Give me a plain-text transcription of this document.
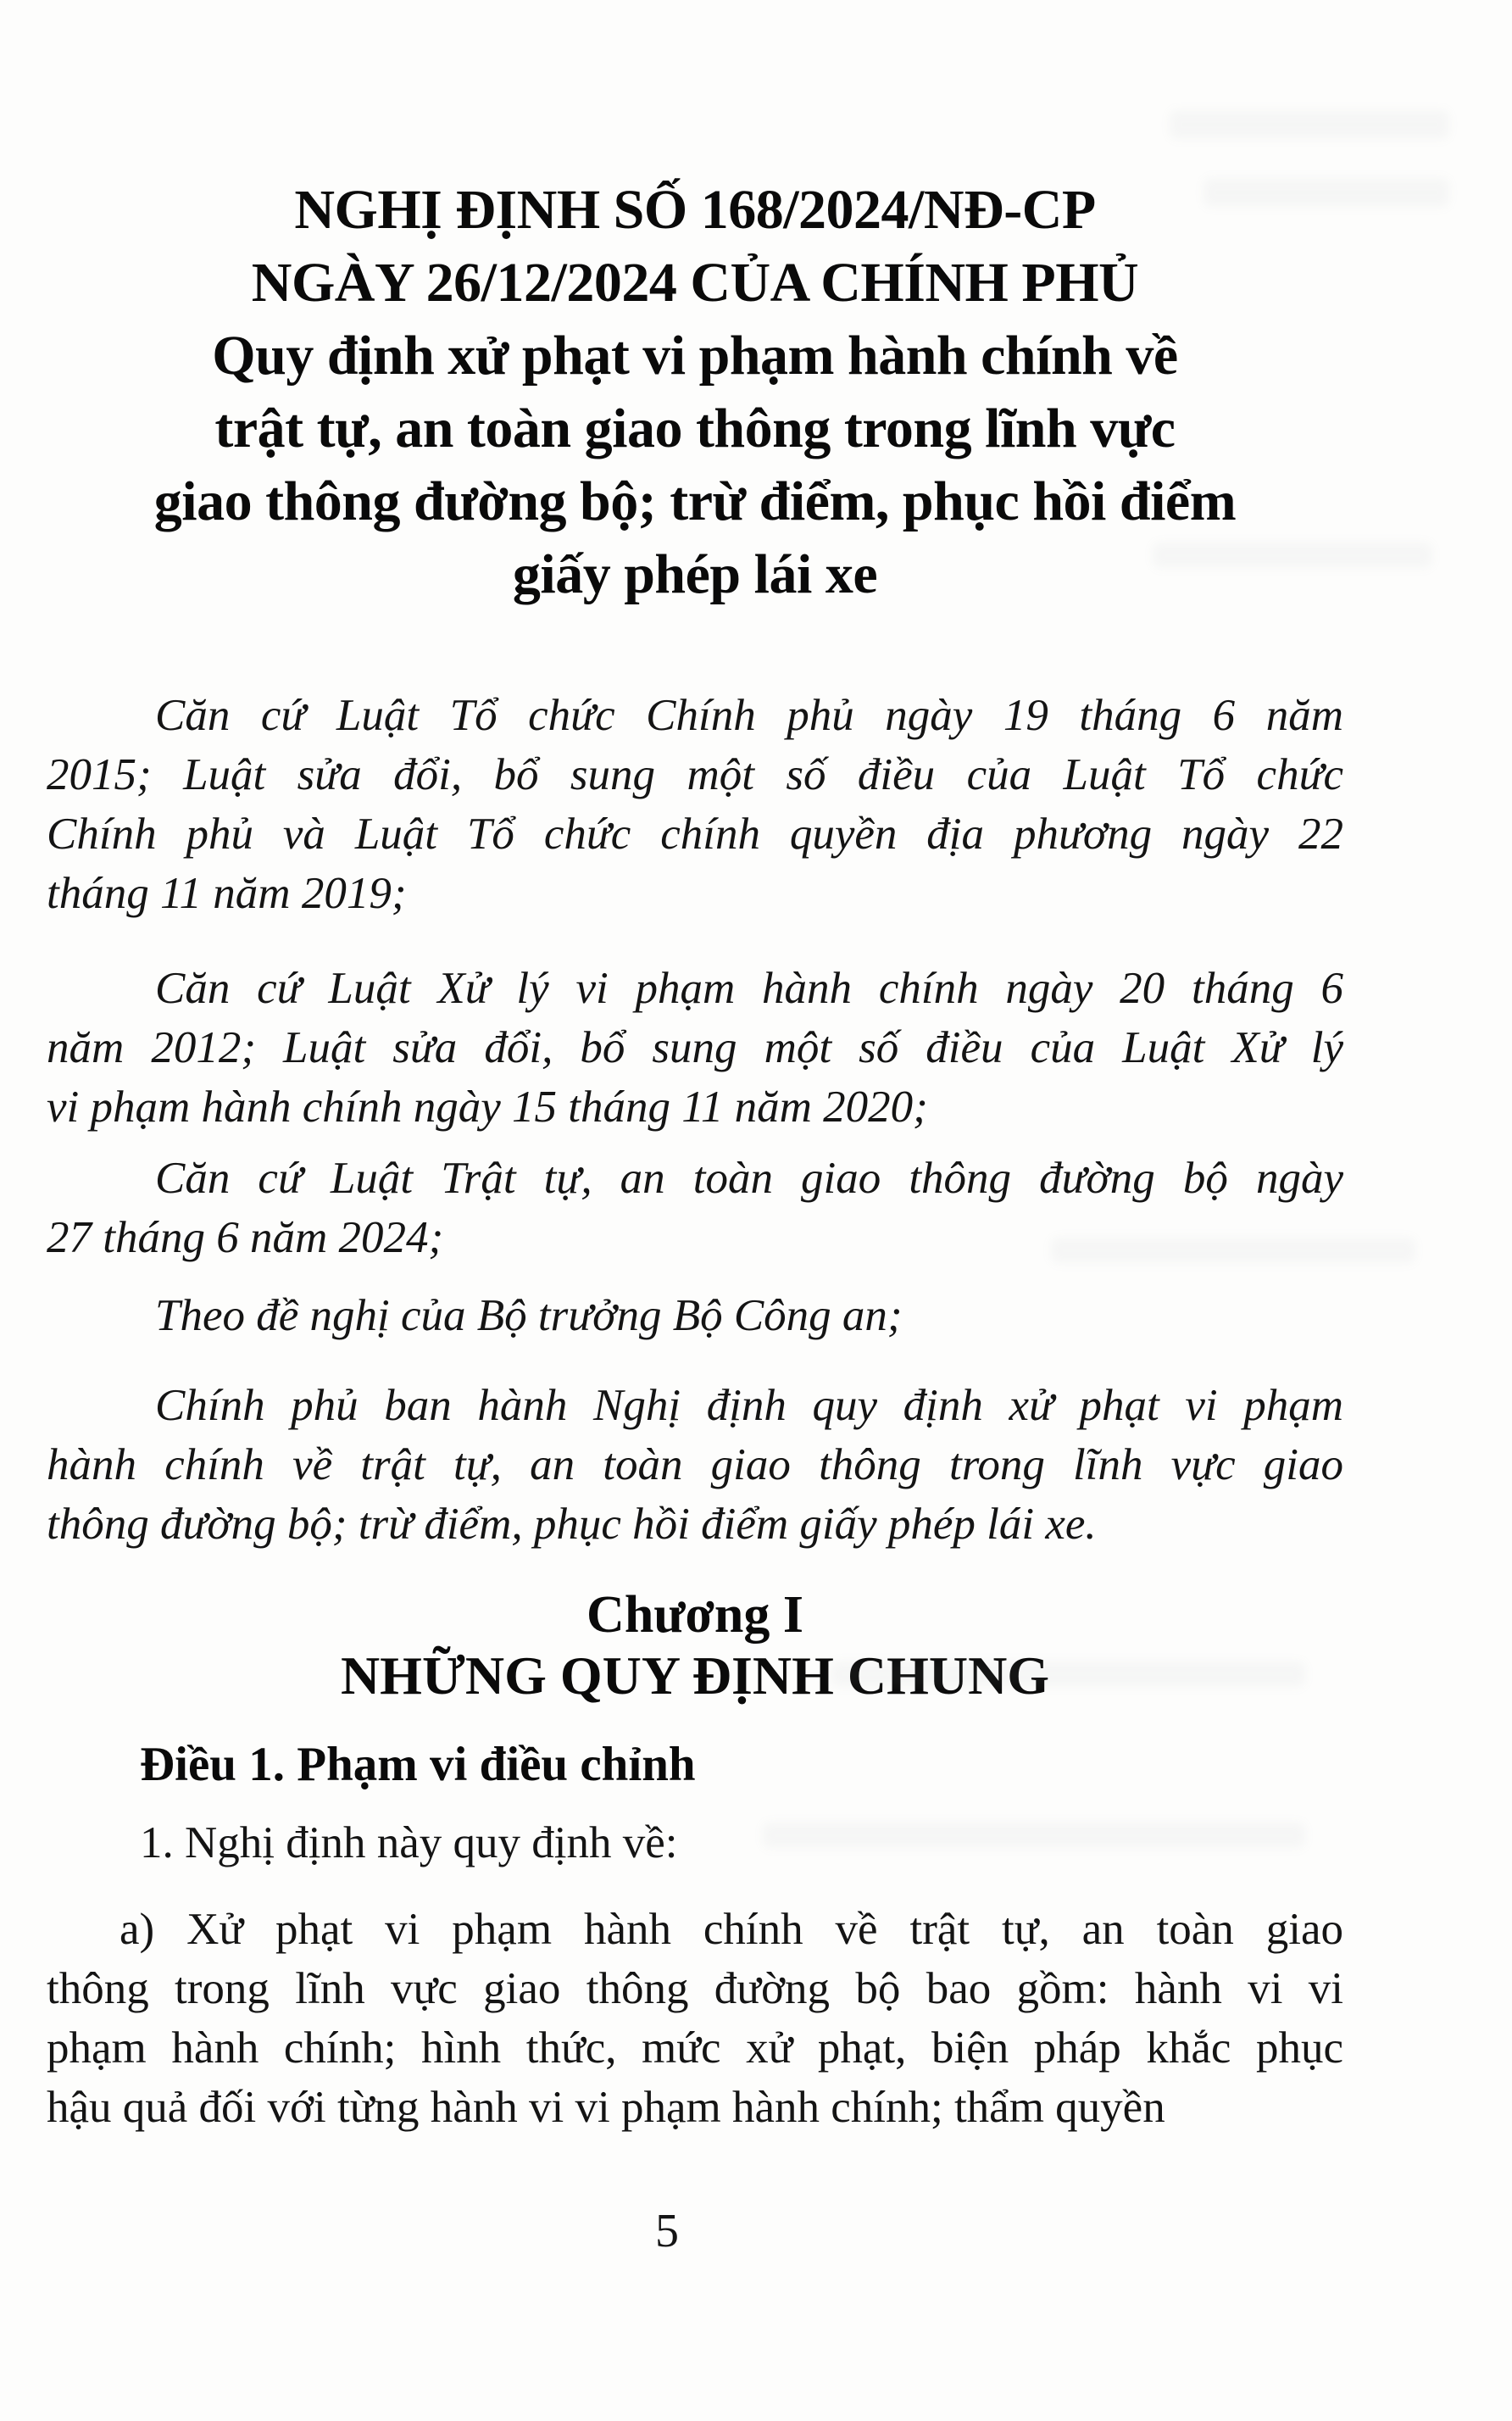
NGHỊ ĐỊNH SỐ 168/2024/NĐ-CP
NGÀY 26/12/2024 CỦA CHÍNH PHỦ
Quy định xử phạt vi phạm hành chính về
trật tự, an toàn giao thông trong lĩnh vực
giao thông đường bộ; trừ điểm, phục hồi điểm
giấy phép lái xe
Căn cứ Luật Tổ chức Chính phủ ngày 19 tháng 6 năm
2015; Luật sửa đổi, bổ sung một số điều của Luật Tổ chức
Chính phủ và Luật Tổ chức chính quyền địa phương ngày 22
tháng 11 năm 2019;
Căn cứ Luật Xử lý vi phạm hành chính ngày 20 tháng 6
năm 2012; Luật sửa đổi, bổ sung một số điều của Luật Xử lý
vi phạm hành chính ngày 15 tháng 11 năm 2020;
Căn cứ Luật Trật tự, an toàn giao thông đường bộ ngày
27 tháng 6 năm 2024;
Theo đề nghị của Bộ trưởng Bộ Công an;
Chính phủ ban hành Nghị định quy định xử phạt vi phạm
hành chính về trật tự, an toàn giao thông trong lĩnh vực giao
thông đường bộ; trừ điểm, phục hồi điểm giấy phép lái xe.
Chương I
NHỮNG QUY ĐỊNH CHUNG
Điều 1. Phạm vi điều chỉnh
1. Nghị định này quy định về:
a) Xử phạt vi phạm hành chính về trật tự, an toàn giao
thông trong lĩnh vực giao thông đường bộ bao gồm: hành vi vi
phạm hành chính; hình thức, mức xử phạt, biện pháp khắc phục
hậu quả đối với từng hành vi vi phạm hành chính; thẩm quyền
5
